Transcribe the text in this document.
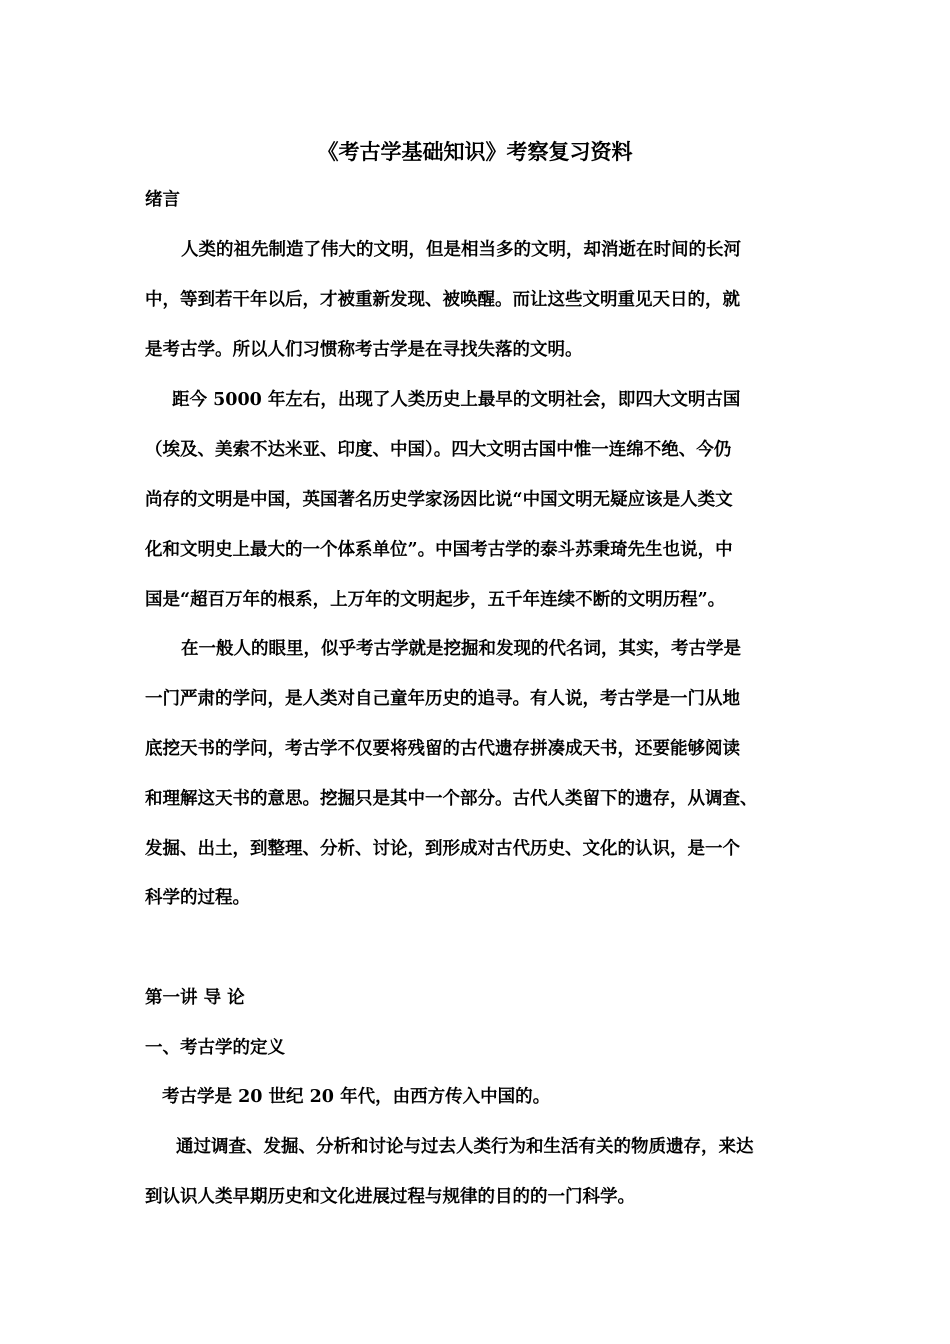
《考古学基础知识》考察复习资料
绪言
人类的祖先制造了伟大的文明，但是相当多的文明，却消逝在时间的长河
中，等到若干年以后，才被重新发现、被唤醒。而让这些文明重见天日的，就
是考古学。所以人们习惯称考古学是在寻找失落的文明。
距今 5000 年左右，出现了人类历史上最早的文明社会，即四大文明古国
（埃及、美索不达米亚、印度、中国）。四大文明古国中惟一连绵不绝、今仍
尚存的文明是中国，英国著名历史学家汤因比说“中国文明无疑应该是人类文
化和文明史上最大的一个体系单位”。中国考古学的泰斗苏秉琦先生也说，中
国是“超百万年的根系，上万年的文明起步，五千年连续不断的文明历程”。
在一般人的眼里，似乎考古学就是挖掘和发现的代名词，其实，考古学是
一门严肃的学问，是人类对自己童年历史的追寻。有人说，考古学是一门从地
底挖天书的学问，考古学不仅要将残留的古代遗存拼凑成天书，还要能够阅读
和理解这天书的意思。挖掘只是其中一个部分。古代人类留下的遗存，从调查、
发掘、出土，到整理、分析、讨论，到形成对古代历史、文化的认识，是一个
科学的过程。
第一讲 导 论
一、考古学的定义
考古学是 20 世纪 20 年代，由西方传入中国的。
通过调查、发掘、分析和讨论与过去人类行为和生活有关的物质遗存，来达
到认识人类早期历史和文化进展过程与规律的目的的一门科学。
